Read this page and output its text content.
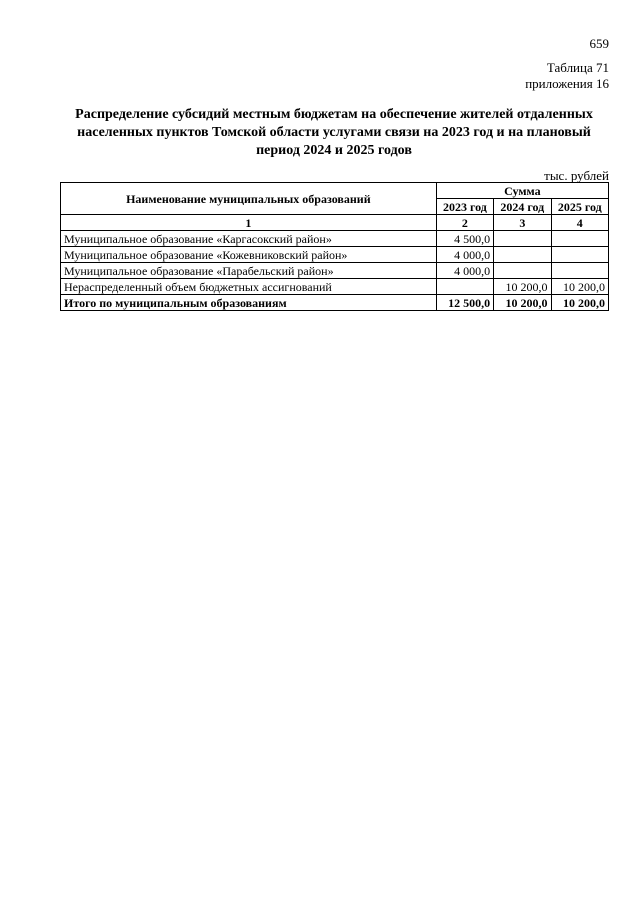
659
Таблица 71
приложения 16
Распределение субсидий местным бюджетам на обеспечение жителей отдаленных населенных пунктов Томской области услугами связи на 2023 год и на плановый период 2024 и 2025 годов
тыс. рублей
Наименование муниципальных образований	Сумма		
	2023 год	2024 год	2025 год
1	2	3	4
Муниципальное образование «Каргасокский район»	4 500,0		
Муниципальное образование «Кожевниковский район»	4 000,0		
Муниципальное образование «Парабельский район»	4 000,0		
Нераспределенный объем бюджетных ассигнований		10 200,0	10 200,0
Итого по муниципальным образованиям	12 500,0	10 200,0	10 200,0
